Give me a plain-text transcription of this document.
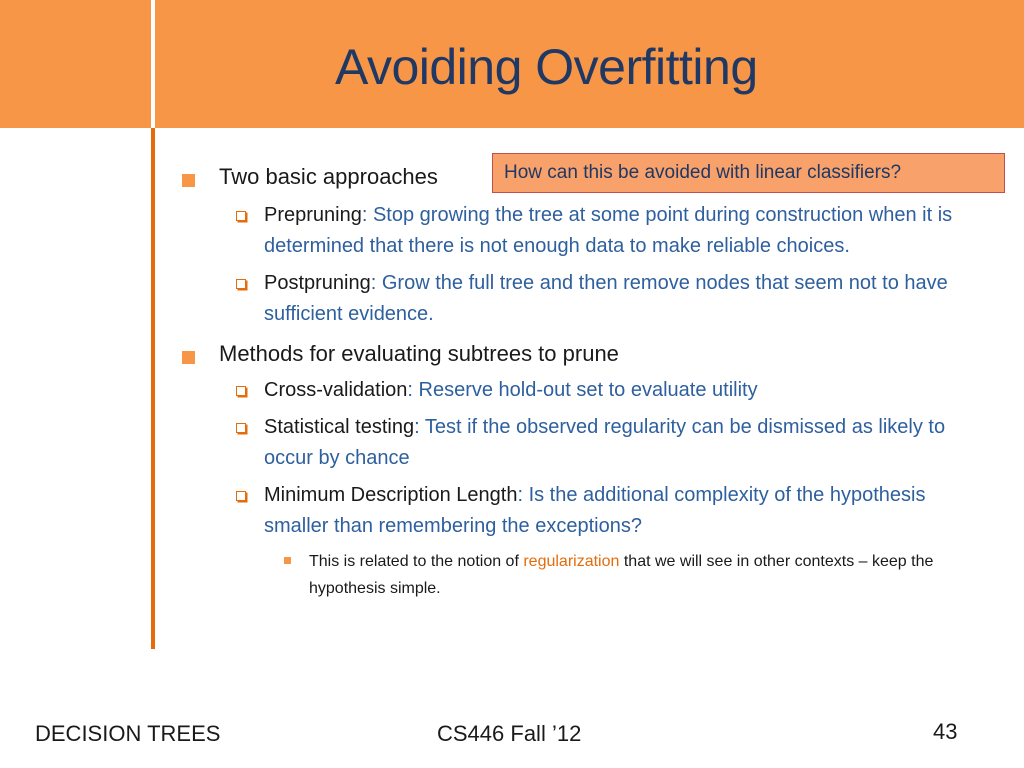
Avoiding Overfitting
Two basic approaches
Prepruning: Stop growing the tree at some point during construction when it is determined that there is not enough data to make reliable choices.
Postpruning: Grow the full tree and then remove nodes that seem not to have sufficient evidence.
Methods for evaluating subtrees to prune
Cross-validation: Reserve hold-out set to evaluate utility
Statistical testing: Test if the observed regularity can be dismissed as likely to occur by chance
Minimum Description Length: Is the additional complexity of the hypothesis smaller than remembering the exceptions?
This is related to the notion of regularization that we will see in other contexts – keep the hypothesis simple.
How can this be avoided with linear classifiers?
DECISION TREES	CS446 Fall ’12	43
